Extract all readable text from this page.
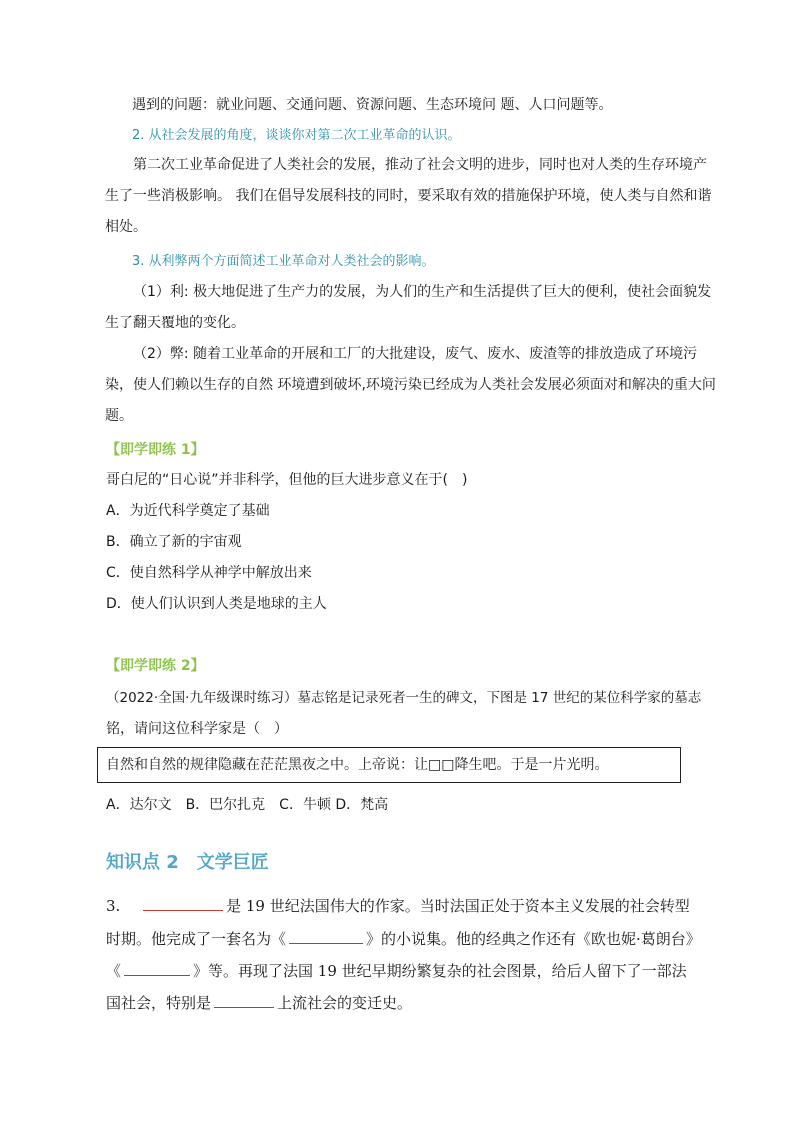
遇到的问题：就业问题、交通问题、资源问题、生态环境问 题、人口问题等。
2. 从社会发展的角度，谈谈你对第二次工业革命的认识。
第二次工业革命促进了人类社会的发展，推动了社会文明的进步，同时也对人类的生存环境产生了一些消极影响。 我们在倡导发展科技的同时，要采取有效的措施保护环境，使人类与自然和谐相处。
3. 从利弊两个方面简述工业革命对人类社会的影响。
（1）利: 极大地促进了生产力的发展，为人们的生产和生活提供了巨大的便利，使社会面貌发生了翻天覆地的变化。
（2）弊: 随着工业革命的开展和工厂的大批建设，废气、废水、废渣等的排放造成了环境污染，使人们赖以生存的自然 环境遭到破坏,环境污染已经成为人类社会发展必须面对和解决的重大问题。
【即学即练 1】
哥白尼的“日心说”并非科学，但他的巨大进步意义在于(　)
A．为近代科学奠定了基础
B．确立了新的宇宙观
C．使自然科学从神学中解放出来
D．使人们认识到人类是地球的主人
【即学即练 2】
（2022·全国·九年级课时练习）墓志铭是记录死者一生的碑文，下图是 17 世纪的某位科学家的墓志
铭，请问这位科学家是（　）
自然和自然的规律隐藏在茫茫黑夜之中。上帝说：让□□降生吧。于是一片光明。
A．达尔文　B．巴尔扎克　C．牛顿 D．梵高
知识点 2 文学巨匠
3.	是 19 世纪法国伟大的作家。当时法国正处于资本主义发展的社会转型
时期。他完成了一套名为《	》的小说集。他的经典之作还有《欧也妮·葛朗台》
《	》等。再现了法国 19 世纪早期纷繁复杂的社会图景，给后人留下了一部法
国社会，特别是	上流社会的变迁史。
